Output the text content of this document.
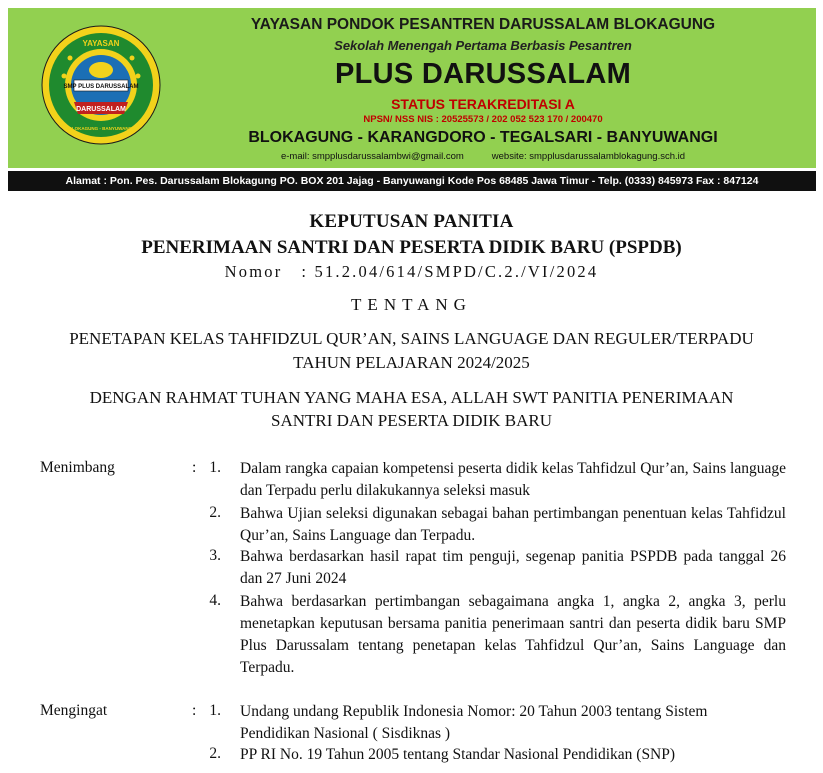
SMP PLUS DARUSSALAM
DARUSSALAM
YAYASAN
BLOKAGUNG - BANYUWANGI
YAYASAN PONDOK PESANTREN DARUSSALAM BLOKAGUNG
Sekolah Menengah Pertama Berbasis Pesantren
PLUS DARUSSALAM
STATUS TERAKREDITASI A
NPSN/ NSS NIS : 20525573 / 202 052 523 170 / 200470
BLOKAGUNG - KARANGDORO - TEGALSARI - BANYUWANGI
e-mail: smpplusdarussalambwi@gmail.com	website: smpplusdarussalamblokagung.sch.id
Alamat : Pon. Pes. Darussalam Blokagung PO. BOX 201 Jajag - Banyuwangi Kode Pos 68485 Jawa Timur - Telp. (0333) 845973 Fax : 847124
KEPUTUSAN PANITIA
PENERIMAAN SANTRI DAN PESERTA DIDIK BARU (PSPDB)
Nomor   : 51.2.04/614/SMPD/C.2./VI/2024
TENTANG
PENETAPAN KELAS TAHFIDZUL QUR’AN, SAINS LANGUAGE DAN REGULER/TERPADU
TAHUN PELAJARAN 2024/2025
DENGAN RAHMAT TUHAN YANG MAHA ESA, ALLAH SWT PANITIA PENERIMAAN
SANTRI DAN PESERTA DIDIK BARU
Menimbang	: 1. Dalam rangka capaian kompetensi peserta didik kelas Tahfidzul Qur’an, Sains language dan Terpadu perlu dilakukannya seleksi masuk
2. Bahwa Ujian seleksi digunakan sebagai bahan pertimbangan penentuan kelas Tahfidzul Qur’an, Sains Language dan Terpadu.
3. Bahwa berdasarkan hasil rapat tim penguji, segenap panitia PSPDB pada tanggal 26 dan 27 Juni 2024
4. Bahwa berdasarkan pertimbangan sebagaimana angka 1, angka 2, angka 3, perlu menetapkan keputusan bersama panitia penerimaan santri dan peserta didik baru SMP Plus Darussalam tentang penetapan kelas Tahfidzul Qur’an, Sains Language dan Terpadu.
Mengingat	: 1. Undang undang Republik Indonesia Nomor: 20 Tahun 2003 tentang Sistem Pendidikan Nasional ( Sisdiknas )
2. PP RI No. 19 Tahun 2005 tentang Standar Nasional Pendidikan (SNP)
